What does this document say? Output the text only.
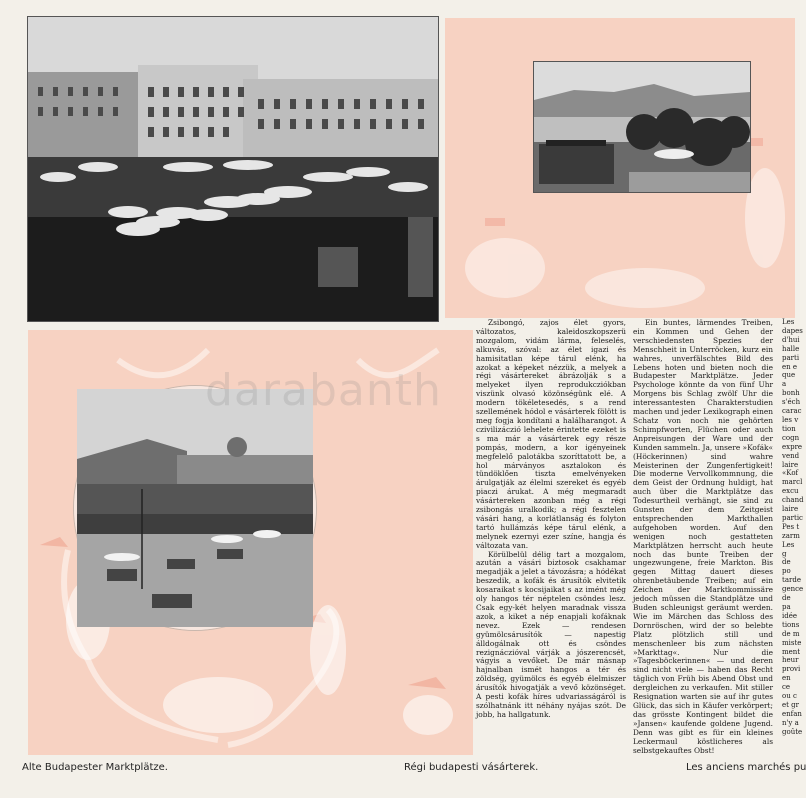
Zsibongó, zajos élet gyors, változatos, kaleidoszkopszerü mozgalom, vidám lárma, feleselés, alkuvás, szóval: az élet igazi és hamisitatlan képe tárul elénk, ha azokat a képeket nézzük, a melyek a régi vásártereket ábrázolják s a melyeket ilyen reprodukcziókban viszünk olvasó közönségünk elé. A modern tökéletesedés, s a rend szellemének hódol e vásárterek fölött is meg fogja kondítani a halálharangot. A czivilizáczió lehelete érintette ezeket is s ma már a vásárterek egy része pompás, modern, a kor igényeinek megfelelő palotákba szoríttatott be, a hol márványos asztalokon és tündöklően tiszta emelvényeken árulgatják az élelmi szereket és egyéb piaczi árukat. A még megmaradt vásártereken azonban még a régi zsibongás uralkodik; a régi fesztelen vásári hang, a korlátlanság és folyton tartó hullámzás képe tárul elénk, a melynek ezernyi ezer színe, hangja és változata van.

Körülbelül délig tart a mozgalom, azután a vásári biztosok csakhamar megadják a jelet a távozásra; a hódékat beszedik, a kofák és árusítók elvitetik kosaraikat s kocsijaikat s az imént még oly hangos tér néptelen csöndes lesz. Csak egy-két helyen maradnak vissza azok, a kiket a nép enapjali kofáknak nevez. Ezek — rendesen gyümölcsárusítók — napestig álldogálnak ott és csöndes rezignáczióval várják a jószerencsét, vágyis a vevőket. De már másnap hajnalban ismét hangos a tér és zöldség, gyümölcs és egyéb élelmiszer árusítók hivogatják a vevő közönséget. A pesti kofák híres udvariasságáról is szólhatnánk itt néhány nyájas szót. De jobb, ha hallgatunk.

Ein buntes, lärmendes Treiben, ein Kommen und Gehen der verschiedensten Spezies der Menschheit in Unterröcken, kurz ein wahres, unverfälschtes Bild des Lebens hoten und bieten noch die Budapester Marktplätze. Jeder Psychologe könnte da von fünf Uhr Morgens bis Schlag zwölf Uhr die interessantesten Charakterstudien machen und jeder Lexikograph einen Schatz von noch nie gehörten Schimpfworten, Flüchen oder auch Anpreisungen der Ware und der Kunden sammeln. Ja, unsere »Kofák« (Höckerinnen) sind wahre Meisterinen der Zungenfertigkeit! Die moderne Vervollkommnung, die dem Geist der Ordnung huldigt, hat auch über die Marktplätze das Todesurtheil verhängt, sie sind zu Gunsten der dem Zeitgeist entsprechenden Markthallen aufgehoben worden. Auf den wenigen noch gestatteten Marktplätzen herrscht auch heute noch das bunte Treiben der ungezwungene, freie Markton. Bis gegen Mittag dauert dieses ohrenbetäubende Treiben; auf ein Zeichen der Marktkommissäre jedoch müssen die Standplätze und Buden schleunigst geräumt werden. Wie im Märchen das Schloss des Dornröschen, wird der so belebte Platz plötzlich still und menschenleer bis zum nächsten »Markttag«. Nur die »Tagesböckerinnen« — und deren sind nicht viele — haben das Recht täglich von Früh bis Abend Obst und dergleichen zu verkaufen. Mit stiller Resignation warten sie auf ihr gutes Glück, das sich in Käufer verkörpert; das grösste Kontingent bildet die »Jansen« kaufende goldene Jugend. Denn was gibt es für ein kleines Leckermaul köstlicheres als selbstgekauftes Obst!

Les
dapes
d'hui
halle
parti
en e
que a
bonh
s'éch
carac
les v
tion
cogn
expre
vend
laire
«Kof
marcl
excu
chand
laire
partic
Pes t
zarm
Les g
de po
tarde
gence
de pa
idée
tions
de m
miste
ment
heur
provi
en ce
ou c
et gr
enfan
n'y a
goûte
darabanth
Alte Budapester Marktplätze.	Régi budapesti vásárterek.	Les anciens marchés pu
